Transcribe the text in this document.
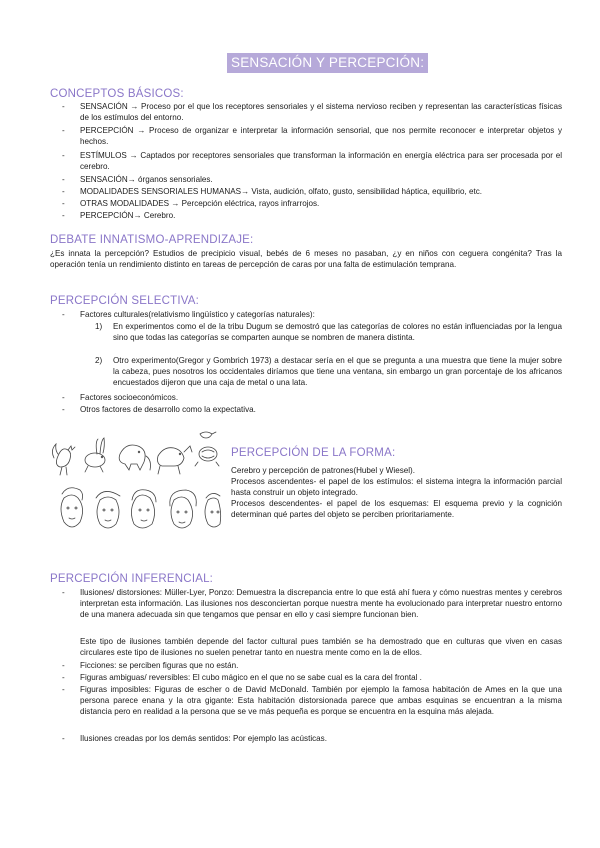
SENSACIÓN Y PERCEPCIÓN:
CONCEPTOS BÁSICOS:
- SENSACIÓN → Proceso por el que los receptores sensoriales y el sistema nervioso reciben y representan las características físicas de los estímulos del entorno.
- PERCEPCIÓN → Proceso de organizar e interpretar la información sensorial, que nos permite reconocer e interpretar objetos y hechos.
- ESTÍMULOS → Captados por receptores sensoriales que transforman la información en energía eléctrica para ser procesada por el cerebro.
- SENSACIÓN→ órganos sensoriales.
- MODALIDADES SENSORIALES HUMANAS→ Vista, audición, olfato, gusto, sensibilidad háptica, equilibrio, etc.
- OTRAS MODALIDADES → Percepción eléctrica, rayos infrarrojos.
- PERCEPCIÓN→ Cerebro.
DEBATE INNATISMO-APRENDIZAJE:
¿Es innata la percepción? Estudios de precipicio visual, bebés de 6 meses no pasaban, ¿y en niños con ceguera congénita? Tras la operación tenía un rendimiento distinto en tareas de percepción de caras por una falta de estimulación temprana.
PERCEPCIÓN SELECTIVA:
- Factores culturales(relativismo lingüístico y categorías naturales):
1) En experimentos como el de la tribu Dugum se demostró que las categorías de colores no están influenciadas por la lengua sino que todas las categorías se comparten aunque se nombren de manera distinta.
2) Otro experimento(Gregor y Gombrich 1973) a destacar sería en el que se pregunta a una muestra que tiene la mujer sobre la cabeza, pues nosotros los occidentales diríamos que tiene una ventana, sin embargo un gran porcentaje de los africanos encuestados dijeron que una caja de metal o una lata.
- Factores socioeconómicos.
- Otros factores de desarrollo como la expectativa.
PERCEPCIÓN DE LA FORMA:
Cerebro y percepción de patrones(Hubel y Wiesel).
Procesos ascendentes- el papel de los estímulos: el sistema integra la información parcial hasta construir un objeto integrado.
Procesos descendentes- el papel de los esquemas: El esquema previo y la cognición determinan qué partes del objeto se perciben prioritariamente.
PERCEPCIÓN INFERENCIAL:
- Ilusiones/ distorsiones: Müller-Lyer, Ponzo: Demuestra la discrepancia entre lo que está ahí fuera y cómo nuestras mentes y cerebros interpretan esta información. Las ilusiones nos desconciertan porque nuestra mente ha evolucionado para interpretar nuestro entorno de una manera adecuada sin que tengamos que pensar en ello y casi siempre funcionan bien.
Este tipo de ilusiones también depende del factor cultural pues también se ha demostrado que en culturas que viven en casas circulares este tipo de ilusiones no suelen penetrar tanto en nuestra mente como en la de ellos.
- Ficciones: se perciben figuras que no están.
- Figuras ambiguas/ reversibles: El cubo mágico en el que no se sabe cual es la cara del frontal .
- Figuras imposibles: Figuras de escher o de David McDonald. También por ejemplo la famosa habitación de Ames en la que una persona parece enana y la otra gigante: Esta habitación distorsionada parece que ambas esquinas se encuentran a la misma distancia pero en realidad a la persona que se ve más pequeña es porque se encuentra en la esquina más alejada.
- Ilusiones creadas por los demás sentidos: Por ejemplo las acústicas.
